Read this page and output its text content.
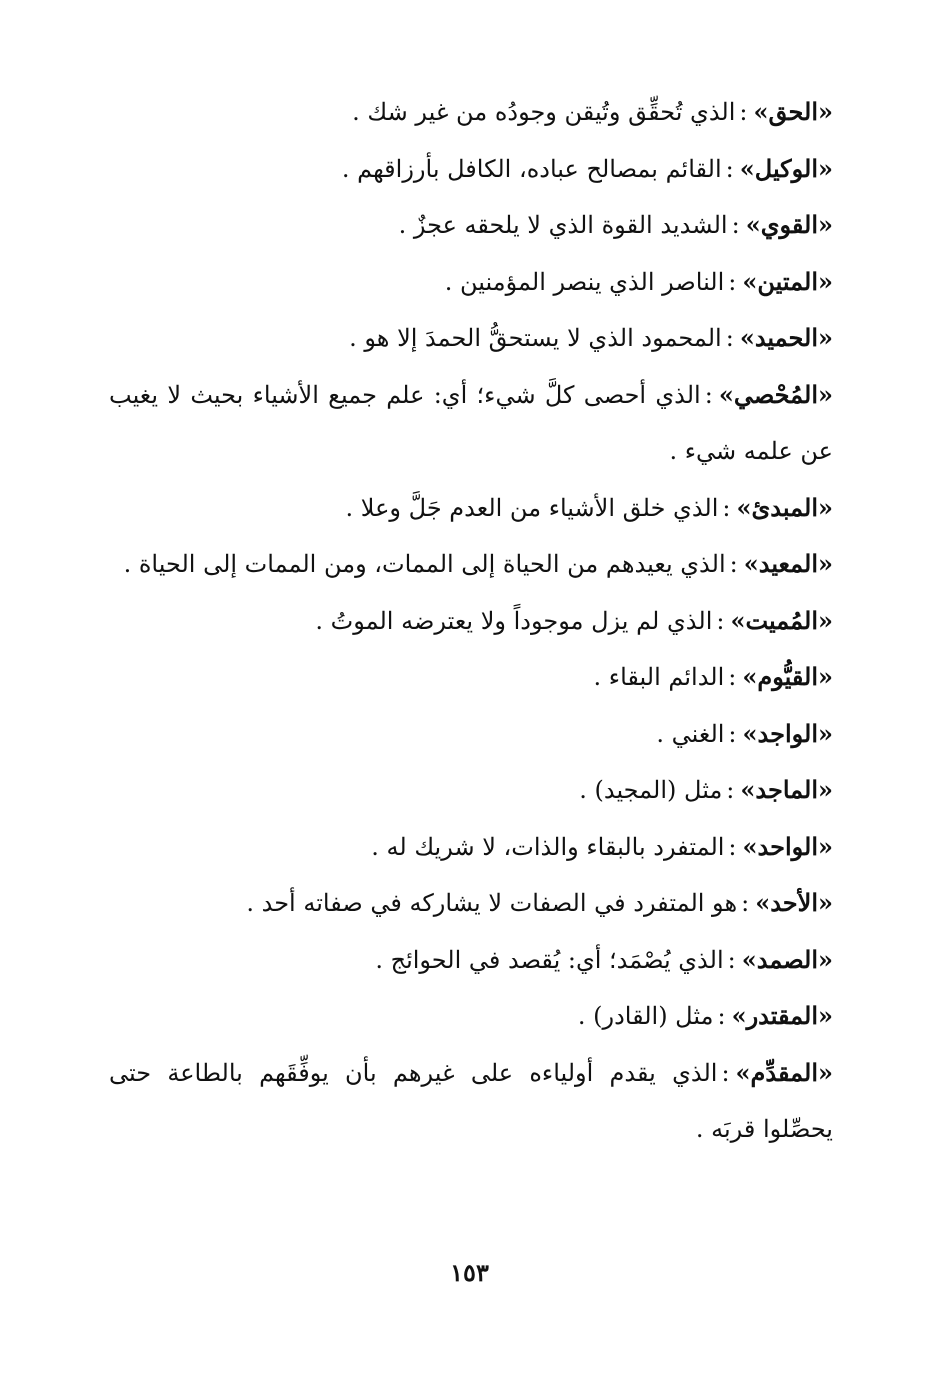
«الحق»:الذي تُحقِّق وتُيقن وجودُه من غير شك .

«الوكيل»:القائم بمصالح عباده، الكافل بأرزاقهم .

«القوي»:الشديد القوة الذي لا يلحقه عجزٌ .

«المتين»:الناصر الذي ينصر المؤمنين .

«الحميد»:المحمود الذي لا يستحقُّ الحمدَ إلا هو .

«المُحْصي»:الذي أحصى كلَّ شيء؛ أي: علم جميع الأشياء بحيث لا يغيب عن علمه شيء .

«المبدئ»:الذي خلق الأشياء من العدم جَلَّ وعلا .

«المعيد»:الذي يعيدهم من الحياة إلى الممات، ومن الممات إلى الحياة .

«المُميت»:الذي لم يزل موجوداً ولا يعترضه الموتُ .

«القيُّوم»:الدائم البقاء .

«الواجد»:الغني .

«الماجد»:مثل (المجيد) .

«الواحد»:المتفرد بالبقاء والذات، لا شريك له .

«الأحد»:هو المتفرد في الصفات لا يشاركه في صفاته أحد .

«الصمد»:الذي يُصْمَد؛ أي: يُقصد في الحوائج .

«المقتدر»:مثل (القادر) .

«المقدِّم»:الذي يقدم أولياءه على غيرهم بأن يوفِّقَهم بالطاعة حتى يحصِّلوا قربَه .

١٥٣
